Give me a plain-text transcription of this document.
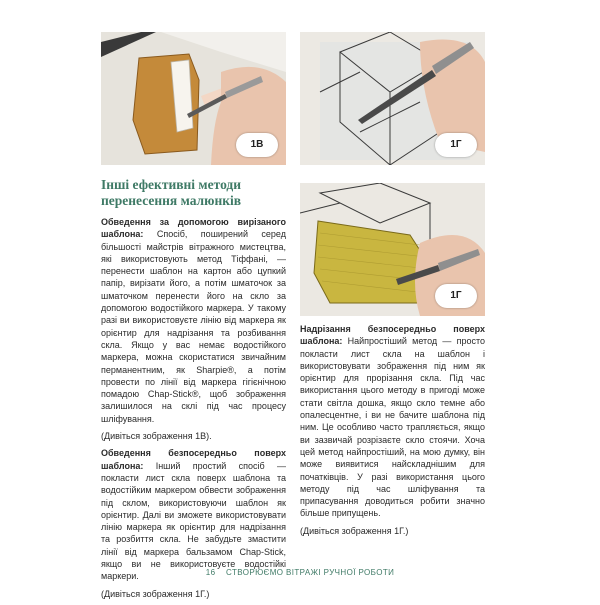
1В	1Г
1Г
Інші ефективні методи
перенесення малюнків

Обведення за допомогою вирізаного шаблона: Спосіб, поширений серед більшості майстрів вітражного мистецтва, які використовують метод Тіффані, — перенести шаблон на картон або цупкий папір, вирізати його, а потім шматочок за шматочком перенести його на скло за допомогою водостійкого маркера. У такому разі ви використовуєте лінію від маркера як орієнтир для надрізання та розбивання скла. Якщо у вас немає водостійкого маркера, можна скористатися звичайним перманентним, як Sharpie®, а потім провести по лінії від маркера гігієнічною помадою Chap-Stick®, щоб зображення залишилося на склі під час процесу шліфування.

(Дивіться зображення 1В).

Обведення безпосередньо поверх шаблона: Інший простий спосіб — покласти лист скла поверх шаблона та водостійким маркером обвести зображення під склом, використовуючи шаблон як орієнтир. Далі ви зможете використовувати лінію маркера як орієнтир для надрізання та розбиття скла. Не забудьте змастити лінії від маркера бальзамом Chap-Stick, якщо ви не використовуєте водостійкі маркери.

(Дивіться зображення 1Г.)

Надрізання безпосередньо поверх шаблона: Найпростіший метод — просто покласти лист скла на шаблон і використовувати зображення під ним як орієнтир для прорізання скла. Під час використання цього методу в пригоді може стати світла дошка, якщо скло темне або опалесцентне, і ви не бачите шаблона під ним. Це особливо часто трапляється, якщо ви зазвичай розрізаєте скло стоячи. Хоча цей метод найпростіший, на мою думку, він може виявитися найскладнішим для початківців. У разі використання цього методу під час шліфування та припасування доводиться робити значно більше припущень.

(Дивіться зображення 1Г.)

16 СТВОРЮЄМО ВІТРАЖІ РУЧНОЇ РОБОТИ
